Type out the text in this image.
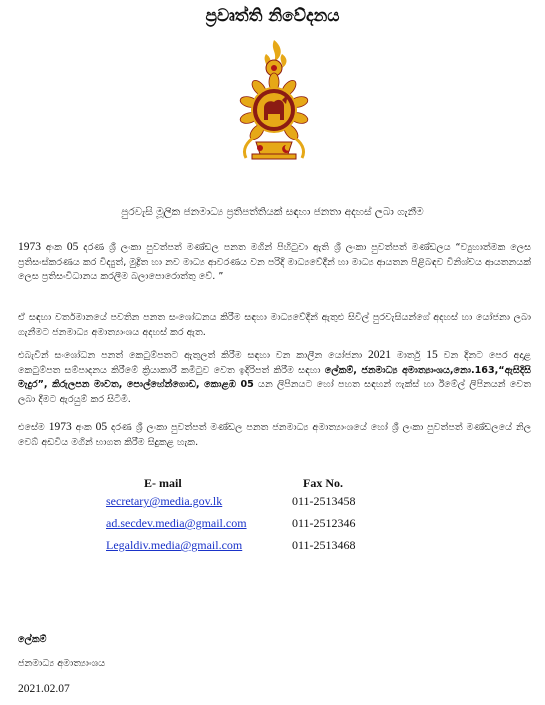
ප්‍රවෘත්ති නිවේදනය
පුරවැසි මූලික ජනමාධ්‍ය ප්‍රතිපත්තියක් සඳහා ජනතා අදහස් ලබා ගැනීම

1973 අංක 05 දරණ ශ්‍රී ලංකා පුවත්පත් මණ්ඩල පනත මගින් පිහිටුවා ඇති ශ්‍රී ලංකා පුවත්පත් මණ්ඩලය “ව්‍යුහාත්මක ලෙස ප්‍රතිසංස්කරණය කර විද්‍යුත්, මුද්‍රිත හා නව මාධ්‍ය ආවරණය වන පරිදි මාධ්‍යවේදීන් හා මාධ්‍ය ආයතන පිළිබඳව විනිශ්චය ආයතනයක් ලෙස ප්‍රතිසංවිධානය කරලීම බලාපොරොත්තු වේ. ”

ඒ සඳහා වර්තමානයේ පවතින පනත සංශෝධනය කිරීම සඳහා මාධ්‍යවේදීන් ඇතුළු සිවිල් පුරවැසියන්ගේ අදහස් හා යෝජනා ලබා ගැනීමට ජනමාධ්‍ය අමාත්‍යාංශය අදහස් කර ඇත.

එබැවින් සංශෝධන පනත් කෙටුම්පතට ඇතුලත් කිරීම සඳහා වන කාලීන යෝජනා 2021 මාර්තු 15 වන දිනට පෙර අදාළ කෙටුම්පත සම්පාදනය කිරීමේ ක්‍රියාකාරී කමිටුව වෙත ඉදිරිපත් කිරීම සඳහා ලේකම්, ජනමාධ්‍ය අමාත්‍යාංශය,නො.163,“ඇසිදිසි මැදුර”, කිරුලපන මාවත, පොල්හේන්ගොඩ, කොළඹ 05 යන ලිපිනයට හෝ පහත සඳහන් ෆැක්ස් හා ඊමේල් ලිපිනයන් වෙත ලබා දීමට ඇරයුම් කර සිටිමි.

එසේම 1973 අංක 05 දරණ ශ්‍රී ලංකා පුවත්පත් මණ්ඩල පනත ජනමාධ්‍ය අමාත්‍යාංශයේ හෝ ශ්‍රී ලංකා පුවත්පත් මණ්ඩලයේ නිල වෙබ් අඩවිය මගින් භාගත කිරීම සිදුකළ හැක.

E- mail	Fax No.
secretary@media.gov.lk	011-2513458
ad.secdev.media@gmail.com	011-2512346
Legaldiv.media@gmail.com	011-2513468
ලේකම්
ජනමාධ්‍ය අමාත්‍යාංශය
2021.02.07
